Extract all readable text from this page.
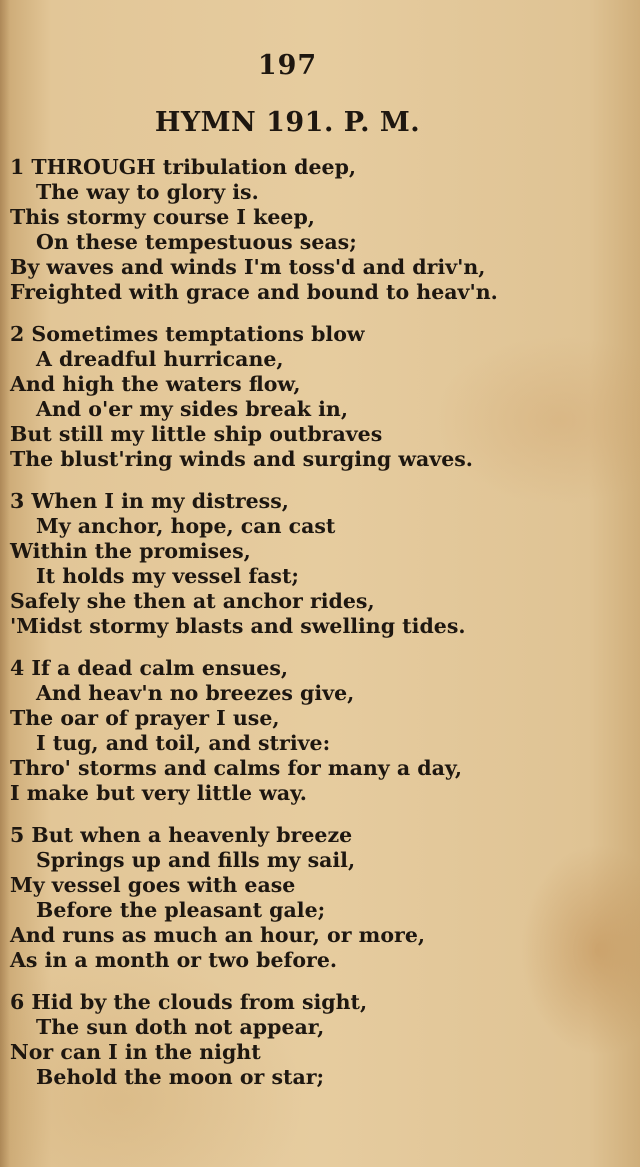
197
HYMN 191. P. M.
1 THROUGH tribulation deep,
The way to glory is.
This stormy course I keep,
On these tempestuous seas;
By waves and winds I'm toss'd and driv'n,
Freighted with grace and bound to heav'n.
2 Sometimes temptations blow
A dreadful hurricane,
And high the waters flow,
And o'er my sides break in,
But still my little ship outbraves
The blust'ring winds and surging waves.
3 When I in my distress,
My anchor, hope, can cast
Within the promises,
It holds my vessel fast;
Safely she then at anchor rides,
'Midst stormy blasts and swelling tides.
4 If a dead calm ensues,
And heav'n no breezes give,
The oar of prayer I use,
I tug, and toil, and strive:
Thro' storms and calms for many a day,
I make but very little way.
5 But when a heavenly breeze
Springs up and fills my sail,
My vessel goes with ease
Before the pleasant gale;
And runs as much an hour, or more,
As in a month or two before.
6 Hid by the clouds from sight,
The sun doth not appear,
Nor can I in the night
Behold the moon or star;
